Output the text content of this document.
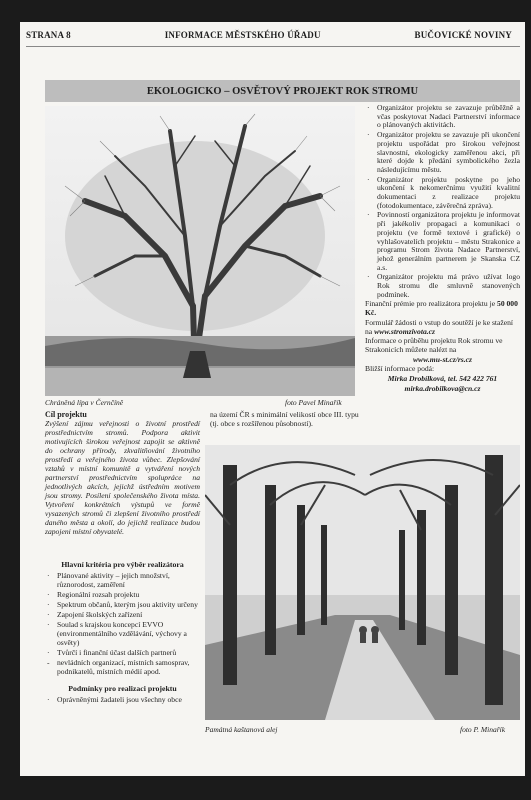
STRANA 8	INFORMACE MĚSTSKÉHO ÚŘADU	BUČOVICKÉ NOVINY
EKOLOGICKO – OSVĚTOVÝ PROJEKT ROK STROMU
Chráněná lípa v Černčíně	foto Pavel Minařík

Cíl projektu

Zvýšení zájmu veřejnosti o životní prostředí prostřednictvím stromů. Podpora aktivit motivujících širokou veřejnost zapojit se aktivně do ochrany přírody, zkvalitňování životního prostředí a veřejného života vůbec. Zlepšování vztahů v místní komunitě a vytváření nových partnerství prostřednictvím spolupráce na jednotlivých akcích, jejichž ústředním motivem jsou stromy. Posílení společenského života místa. Vytvoření konkrétních výstupů ve formě vysazených stromů či zlepšení životního prostředí daného města a okolí, do jejichž realizace budou zapojeni místní obyvatelé.

na území ČR s minimální velikostí obce III. typu (tj. obce s rozšířenou působností).
· Organizátor projektu se zavazuje průběžně a včas poskytovat Nadaci Partnerství informace o plánovaných aktivitách.
· Organizátor projektu se zavazuje při ukončení projektu uspořádat pro širokou veřejnost slavnostní, ekologicky zaměřenou akci, při které dojde k předání symbolického žezla následujícímu městu.
· Organizátor projektu poskytne po jeho ukončení k nekomerčnímu využití kvalitní dokumentaci z realizace projektu (fotodokumentace, závěrečná zpráva).
· Povinností organizátora projektu je informovat při jakékoliv propagaci a komunikaci o projektu (ve formě textové i grafické) o vyhlašovatelích projektu – městu Strakonice a programu Strom života Nadace Partnerství, jehož generálním partnerem je Skanska CZ a.s.
· Organizátor projektu má právo užívat logo Rok stromu dle smluvně stanovených podmínek.

Finanční prémie pro realizátora projektu je 50 000 Kč.

Formulář žádosti o vstup do soutěží je ke stažení na www.stromzivota.cz

Informace o průběhu projektu Rok stromu ve Strakonicích můžete nalézt na

www.mu-st.cz/rs.cz

Bližší informace podá:

Mirka Drobílková, tel. 542 422 761

mirka.drobilkova@cn.cz

Hlavní kritéria pro výběr realizátora
· Plánované aktivity – jejich množství, různorodost, zaměření
· Regionální rozsah projektu
· Spektrum občanů, kterým jsou aktivity určeny
· Zapojení školských zařízení
· Soulad s krajskou koncepcí EVVO (environmentálního vzdělávání, výchovy a osvěty)
· Tvůrčí i finanční účast dalších partnerů
- nevládních organizací, místních samosprav, podnikatelů, místních médií apod.
Podmínky pro realizaci projektu
· Oprávněnými žadateli jsou všechny obce
Památná kaštanová alej	foto P. Minařík
